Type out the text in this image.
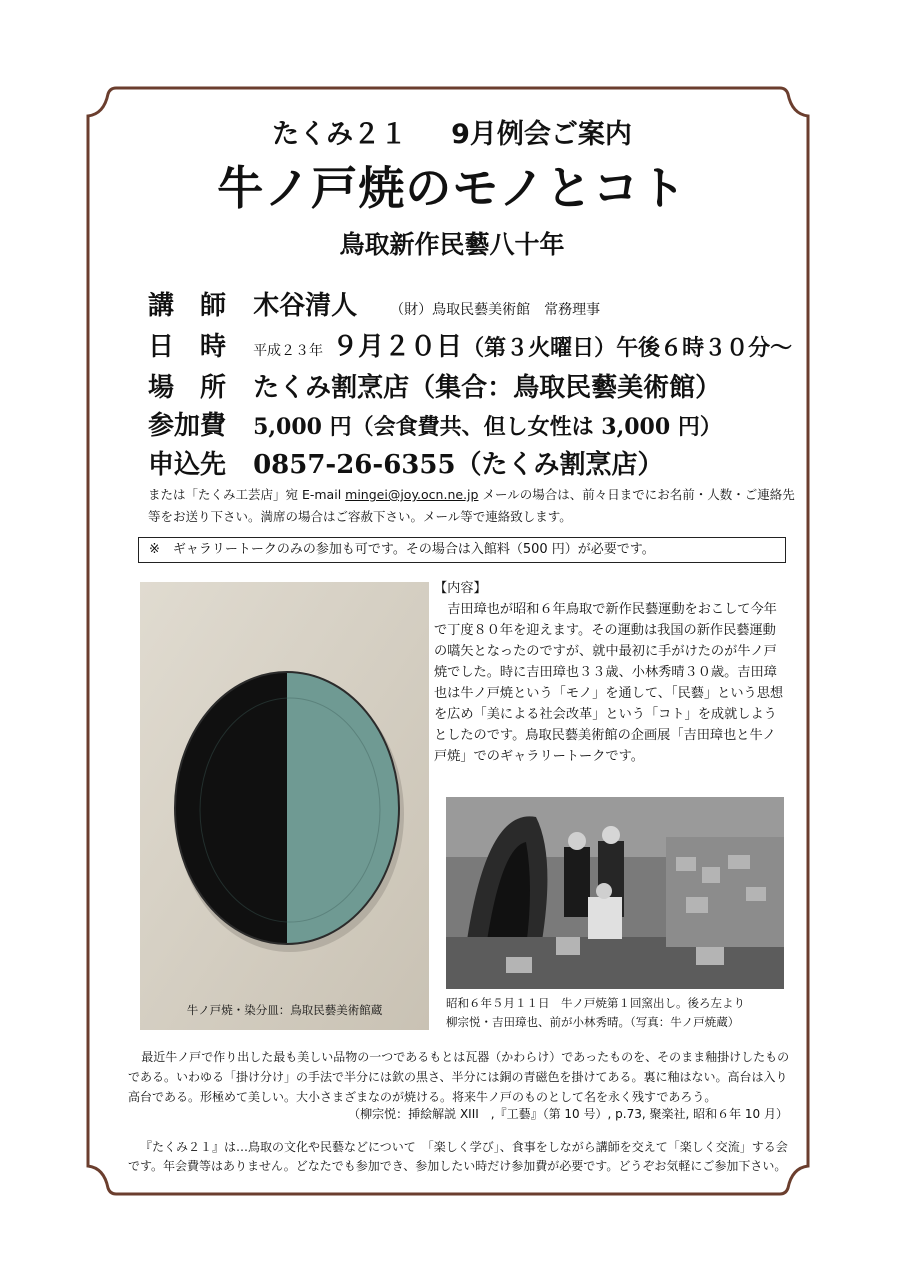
たくみ２１ 9月例会ご案内
牛ノ戸焼のモノとコト
鳥取新作民藝八十年
講　師 木谷清人 （財）鳥取民藝美術館　常務理事
日　時 平成２３年 ９月２０日（第３火曜日）午後６時３０分～
場　所 たくみ割烹店（集合：鳥取民藝美術館）
参加費 5,000 円（会食費共、但し女性は 3,000 円）
申込先 0857-26-6355（たくみ割烹店）
または「たくみ工芸店」宛 E-mail mingei@joy.ocn.ne.jp メールの場合は、前々日までにお名前・人数・ご連絡先等をお送り下さい。満席の場合はご容赦下さい。メール等で連絡致します。
※　ギャラリートークのみの参加も可です。その場合は入館料（500 円）が必要です。
牛ノ戸焼・染分皿：鳥取民藝美術館蔵
【内容】

吉田璋也が昭和６年鳥取で新作民藝運動をおこして今年で丁度８０年を迎えます。その運動は我国の新作民藝運動の嚆矢となったのですが、就中最初に手がけたのが牛ノ戸焼でした。時に吉田璋也３３歳、小林秀晴３０歳。吉田璋也は牛ノ戸焼という「モノ」を通して、「民藝」という思想を広め「美による社会改革」という「コト」を成就しようとしたのです。鳥取民藝美術館の企画展「吉田璋也と牛ノ戸焼」でのギャラリートークです。

昭和６年５月１１日　牛ノ戸焼第１回窯出し。後ろ左より
柳宗悦・吉田璋也、前が小林秀晴。（写真：牛ノ戸焼蔵）

最近牛ノ戸で作り出した最も美しい品物の一つであるもとは瓦器（かわらけ）であったものを、そのまま釉掛けしたものである。いわゆる「掛け分け」の手法で半分には欽の黒さ、半分には銅の青磁色を掛けてある。裏に釉はない。高台は入り高台である。形極めて美しい。大小さまざまなのが焼ける。将来牛ノ戸のものとして名を永く残すであろう。

（柳宗悦：挿絵解説 XIII　,『工藝』（第 10 号）, p.73, 聚楽社, 昭和６年 10 月）

『たくみ２１』は…鳥取の文化や民藝などについて　「楽しく学び」、食事をしながら講師を交えて「楽しく交流」する会です。年会費等はありません。どなたでも参加でき、参加したい時だけ参加費が必要です。どうぞお気軽にご参加下さい。
